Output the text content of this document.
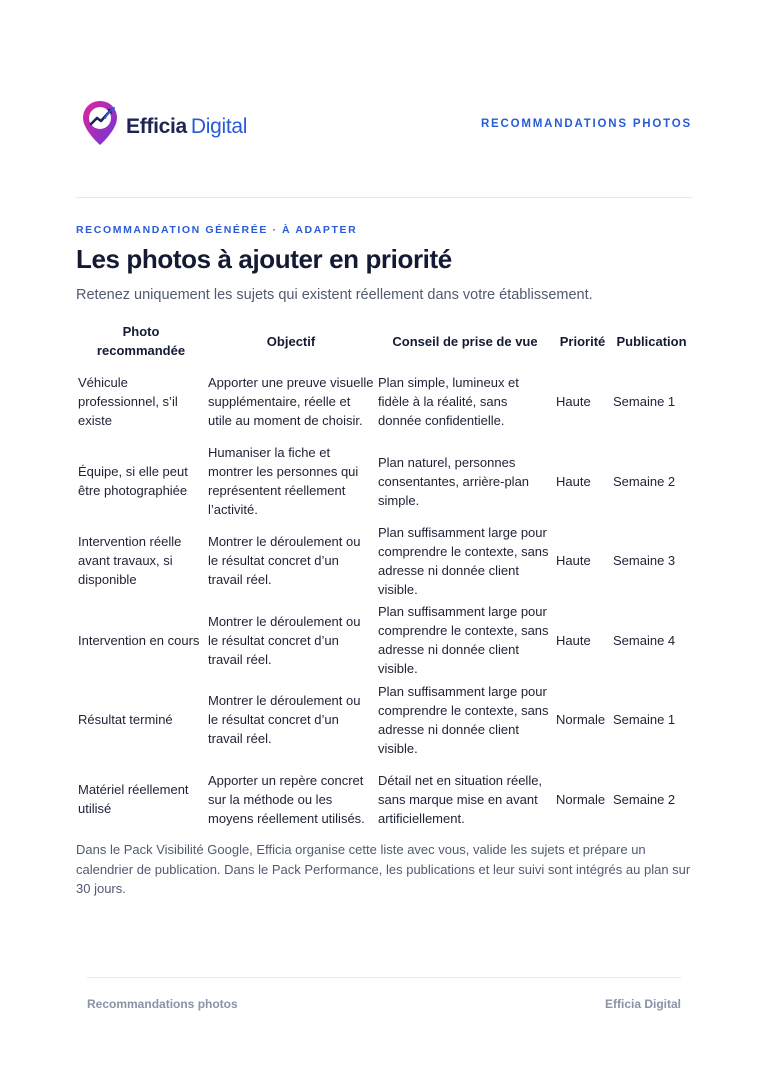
Efficia Digital	RECOMMANDATIONS PHOTOS
RECOMMANDATION GÉNÉRÉE · À ADAPTER
Les photos à ajouter en priorité

Retenez uniquement les sujets qui existent réellement dans votre établissement.

Photo recommandée	Objectif	Conseil de prise de vue	Priorité	Publication
Véhicule professionnel, s’il existe	Apporter une preuve visuelle supplémentaire, réelle et utile au moment de choisir.	Plan simple, lumineux et fidèle à la réalité, sans donnée confidentielle.	Haute	Semaine 1
Équipe, si elle peut être photographiée	Humaniser la fiche et montrer les personnes qui représentent réellement l’activité.	Plan naturel, personnes consentantes, arrière-plan simple.	Haute	Semaine 2
Intervention réelle avant travaux, si disponible	Montrer le déroulement ou le résultat concret d’un travail réel.	Plan suffisamment large pour comprendre le contexte, sans adresse ni donnée client visible.	Haute	Semaine 3
Intervention en cours	Montrer le déroulement ou le résultat concret d’un travail réel.	Plan suffisamment large pour comprendre le contexte, sans adresse ni donnée client visible.	Haute	Semaine 4
Résultat terminé	Montrer le déroulement ou le résultat concret d’un travail réel.	Plan suffisamment large pour comprendre le contexte, sans adresse ni donnée client visible.	Normale	Semaine 1
Matériel réellement utilisé	Apporter un repère concret sur la méthode ou les moyens réellement utilisés.	Détail net en situation réelle, sans marque mise en avant artificiellement.	Normale	Semaine 2

Dans le Pack Visibilité Google, Efficia organise cette liste avec vous, valide les sujets et prépare un calendrier de publication. Dans le Pack Performance, les publications et leur suivi sont intégrés au plan sur 30 jours.

Recommandations photos	Efficia Digital
